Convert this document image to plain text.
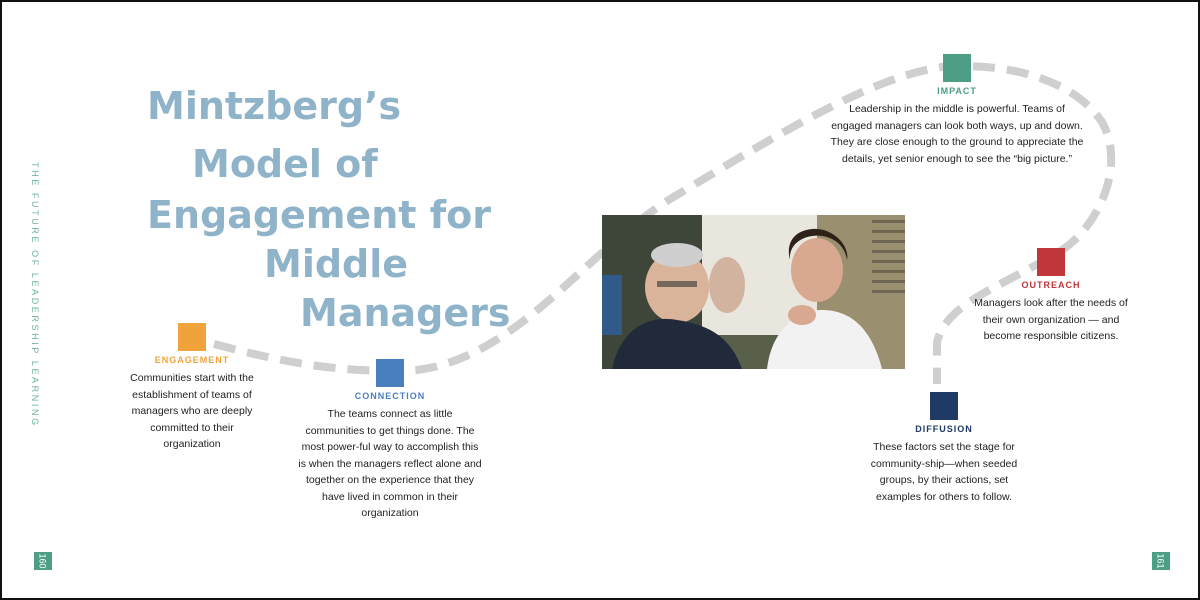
THE FUTURE OF LEADERSHIP LEARNING
Mintzberg’s
Model of
Engagement for
Middle
Managers
ENGAGEMENT
Communities start with the establishment of teams of managers who are deeply committed to their organization
CONNECTION
The teams connect as little communities to get things done. The most power-ful way to accomplish this is when the managers reflect alone and together on the experience that they have lived in common in their organization
IMPACT
Leadership in the middle is powerful. Teams of engaged managers can look both ways, up and down. They are close enough to the ground to appreciate the details, yet senior enough to see the “big picture.”
OUTREACH
Managers look after the needs of their own organization — and become responsible citizens.
DIFFUSION
These factors set the stage for community-ship—when seeded groups, by their actions, set examples for others to follow.
160	161
